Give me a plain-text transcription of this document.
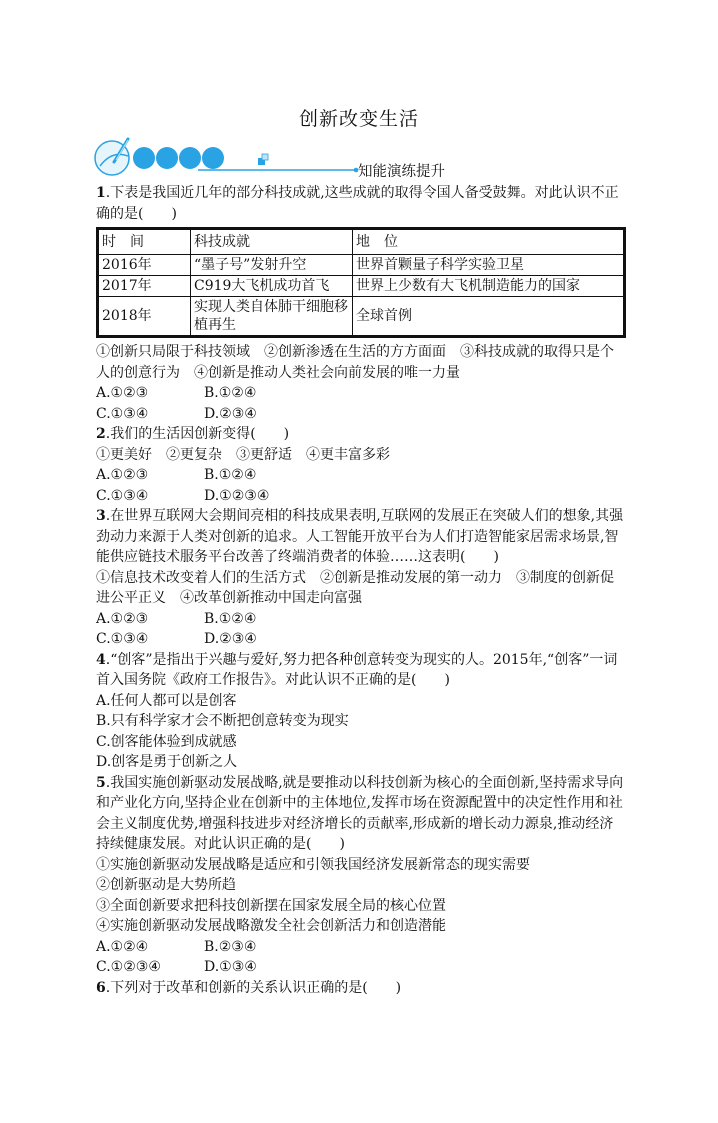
创新改变生活
知能演练提升

1.下表是我国近几年的部分科技成就,这些成就的取得令国人备受鼓舞。对此认识不正确的是(　　)

时　间	科技成就	地　位
2016年	“墨子号”发射升空	世界首颗量子科学实验卫星
2017年	C919大飞机成功首飞	世界上少数有大飞机制造能力的国家
2018年	实现人类自体肺干细胞移植再生	全球首例

①创新只局限于科技领域　②创新渗透在生活的方方面面　③科技成就的取得只是个人的创意行为　④创新是推动人类社会向前发展的唯一力量

A.①②③	B.①②④
C.①③④	D.②③④

2.我们的生活因创新变得(　　)

①更美好　②更复杂　③更舒适　④更丰富多彩

A.①②③	B.①②④
C.①③④	D.①②③④

3.在世界互联网大会期间亮相的科技成果表明,互联网的发展正在突破人们的想象,其强劲动力来源于人类对创新的追求。人工智能开放平台为人们打造智能家居需求场景,智能供应链技术服务平台改善了终端消费者的体验……这表明(　　)

①信息技术改变着人们的生活方式　②创新是推动发展的第一动力　③制度的创新促进公平正义　④改革创新推动中国走向富强

A.①②③	B.①②④
C.①③④	D.②③④

4.“创客”是指出于兴趣与爱好,努力把各种创意转变为现实的人。2015年,“创客”一词首入国务院《政府工作报告》。对此认识不正确的是(　　)

A.任何人都可以是创客

B.只有科学家才会不断把创意转变为现实

C.创客能体验到成就感

D.创客是勇于创新之人

5.我国实施创新驱动发展战略,就是要推动以科技创新为核心的全面创新,坚持需求导向和产业化方向,坚持企业在创新中的主体地位,发挥市场在资源配置中的决定性作用和社会主义制度优势,增强科技进步对经济增长的贡献率,形成新的增长动力源泉,推动经济持续健康发展。对此认识正确的是(　　)

①实施创新驱动发展战略是适应和引领我国经济发展新常态的现实需要

②创新驱动是大势所趋

③全面创新要求把科技创新摆在国家发展全局的核心位置

④实施创新驱动发展战略激发全社会创新活力和创造潜能

A.①②④	B.②③④
C.①②③④	D.①③④

6.下列对于改革和创新的关系认识正确的是(　　)
